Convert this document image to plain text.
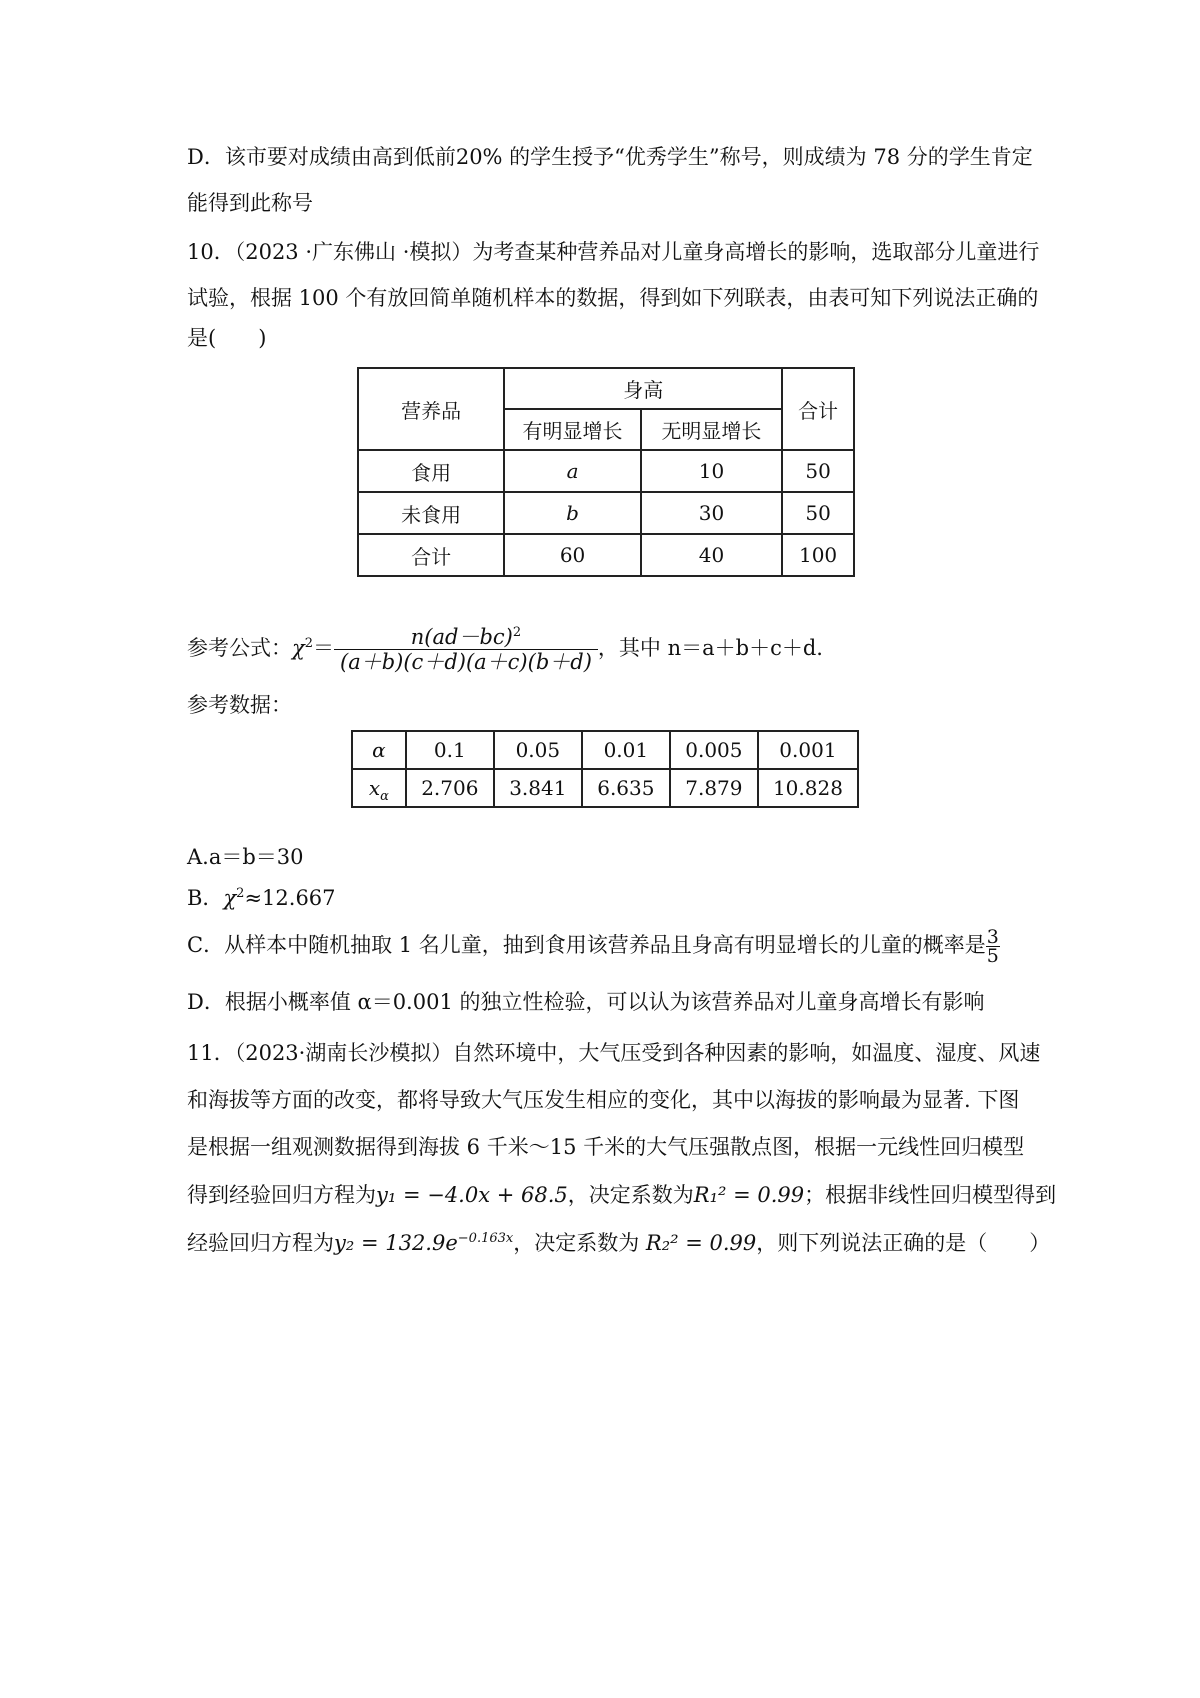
D．该市要对成绩由高到低前20% 的学生授予“优秀学生”称号，则成绩为 78 分的学生肯定
能得到此称号
10．（2023 ·广东佛山 ·模拟）为考查某种营养品对儿童身高增长的影响，选取部分儿童进行
试验，根据 100 个有放回简单随机样本的数据，得到如下列联表，由表可知下列说法正确的
是(　　)
营养品	身高		合计
	有明显增长	无明显增长	
食用	a	10	50
未食用	b	30	50
合计	60	40	100
参考公式：$\chi^2= \frac{n(ad-bc)^2}{(a+b)(c+d)(a+c)(b+d)}$ ，其中 n＝a＋b＋c＋d.
参考数据：
α	0.1	0.05	0.01	0.005	0.001
$x_\alpha$	2.706	3.841	6.635	7.879	10.828
A.a＝b＝30
B．$\chi^2\approx 12.667$
C．从样本中随机抽取 1 名儿童，抽到食用该营养品且身高有明显增长的儿童的概率是 $\frac{3}{5}$
D．根据小概率值 α＝0.001 的独立性检验，可以认为该营养品对儿童身高增长有影响
11．（2023·湖南长沙模拟）自然环境中，大气压受到各种因素的影响，如温度、湿度、风速
和海拔等方面的改变，都将导致大气压发生相应的变化，其中以海拔的影响最为显著. 下图
是根据一组观测数据得到海拔 6 千米～15 千米的大气压强散点图，根据一元线性回归模型
得到经验回归方程为y₁ = −4.0x + 68.5，决定系数为R₁² = 0.99；根据非线性回归模型得到
经验回归方程为$y_2 = 132.9e^{-0.163x}$，决定系数为 R₂² = 0.99，则下列说法正确的是（　　）
